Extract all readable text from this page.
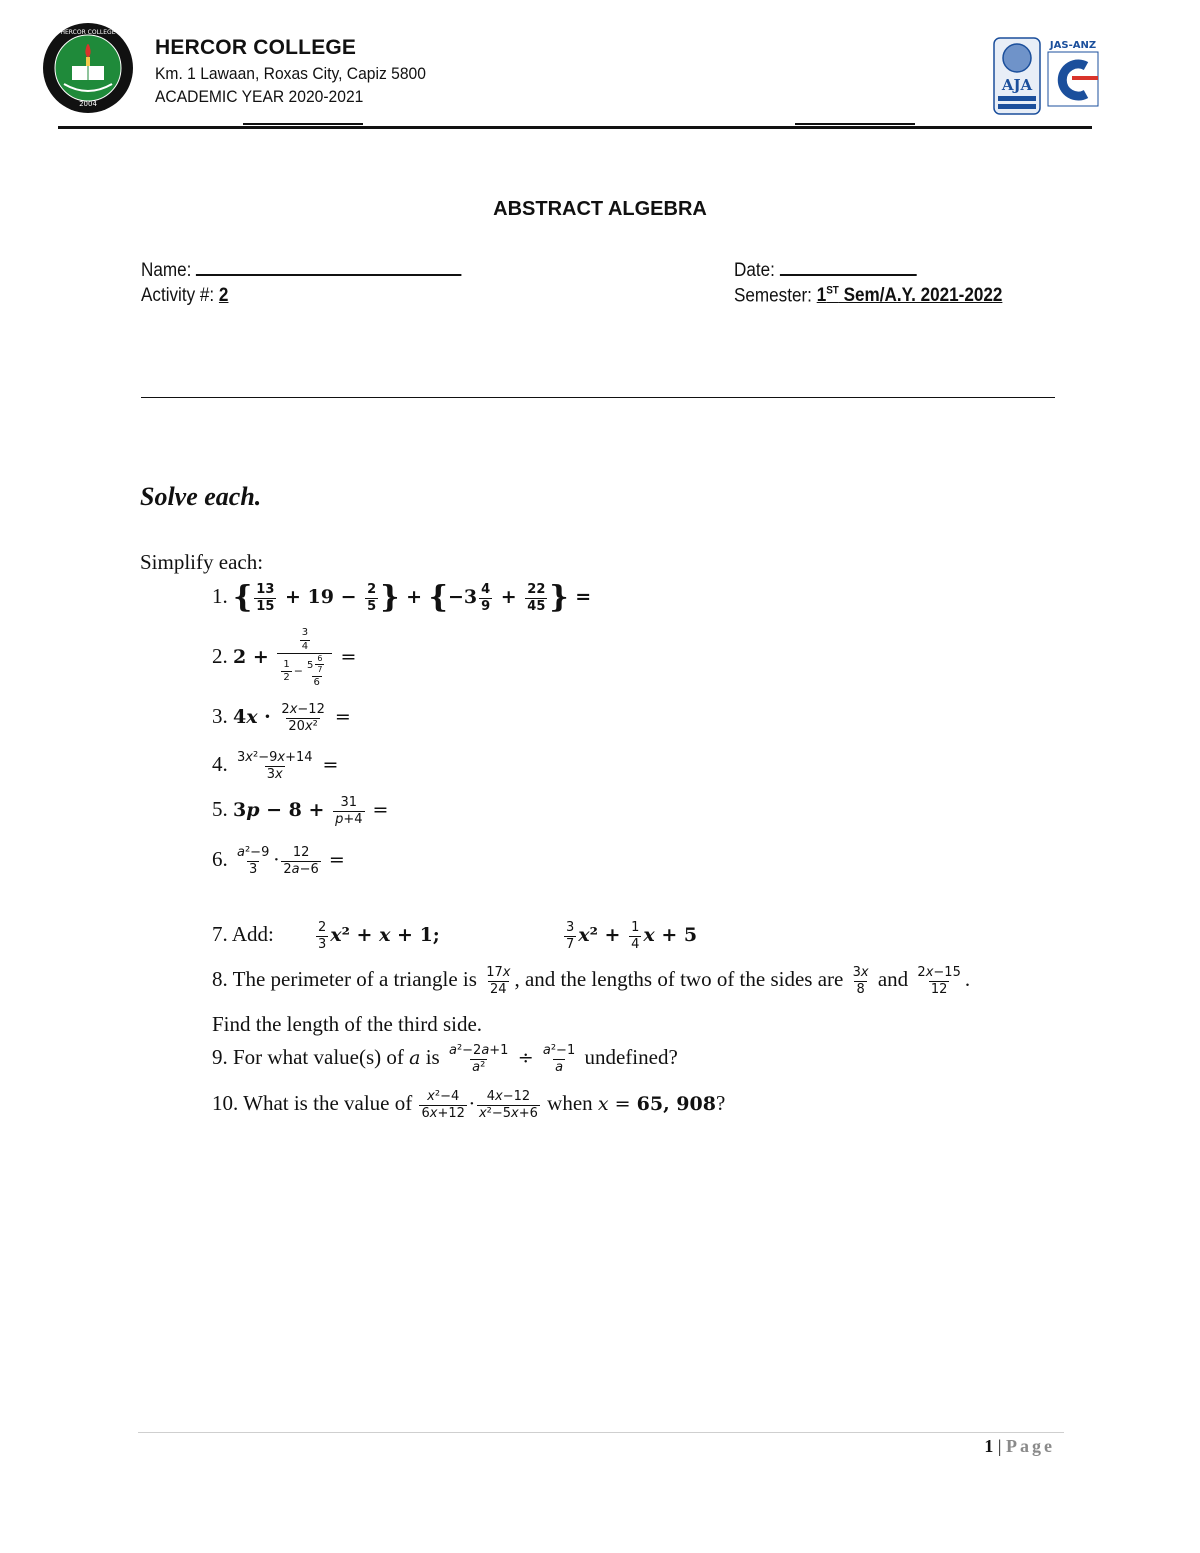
2004
HERCOR COLLEGE
HERCOR COLLEGE
Km. 1 Lawaan, Roxas City, Capiz 5800
ACADEMIC YEAR 2020-2021
AJA
JAS-ANZ
ABSTRACT ALGEBRA
Name:	Date:
Activity #: 2	Semester: 1ST Sem/A.Y. 2021-2022
Solve each.
Simplify each:
1. { $\frac{13}{15} + 19 - \frac{2}{5}$ } + {$-3 \frac{4}{9} + \frac{22}{45}$ } =
2. $2 + \frac{\frac{3}{4}}{\frac{1}{2} - \frac{5 \frac{6}{7}}{6}}$ =
3. $4x \cdot \frac{2x-12}{\text{20x²}}$ =
4. $\frac{\text{3x²−9x+14}}{3x}$ =
5. $3p - 8 + \frac{31}{p+4}$ =
6. $\frac{\text{a²−9}}{3} \cdot \frac{12}{2a-6}$ =
7. Add:	$\frac{2}{3} x^2 + x + 1$;	$\frac{3}{7} x^2 + \frac{1}{4}$ x + 5
8. The perimeter of a triangle is $\frac{17x}{24}$ , and the lengths of two of the sides are $\frac{3x}{8}$ and $\frac{2x-15}{12}$ .
Find the length of the third side.
9. For what value(s) of a is $\frac{\text{a²−2a+1}}{\text{a²}} \div \frac{\text{a²−1}}{a}$ undefined?
10. What is the value of $\frac{\text{x²−4}}{6x+12} \cdot \frac{4x-12}{\text{x²−5x+6}}$ when x = 65, 908?
1 | Page
